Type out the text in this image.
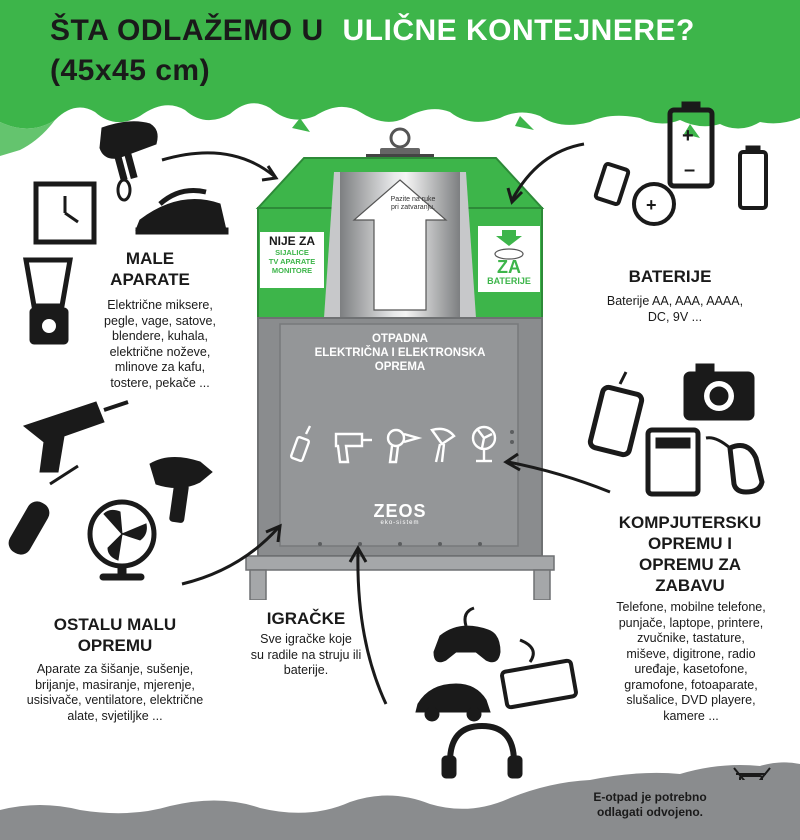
ŠTA ODLAŽEMO U ULIČNE KONTEJNERE?
(45x45 cm)
Pazite na ruke pri zatvaranju.
NIJE ZA
SIJALICE
TV APARATE
MONITORE	ZA
BATERIJE
OTPADNA
ELEKTRIČNA I ELEKTRONSKA
OPREMA
ZEOS
eko-sistem
+
–
+
MALE
APARATE
Električne miksere,
pegle, vage, satove,
blendere, kuhala,
električne noževe,
mlinove za kafu,
tostere, pekače ...
BATERIJE
Baterije AA, AAA, AAAA,
DC, 9V ...
KOMPJUTERSKU
OPREMU I
OPREMU ZA
ZABAVU
Telefone, mobilne telefone,
punjače, laptope, printere,
zvučnike, tastature,
miševe, digitrone, radio
uređaje, kasetofone,
gramofone, fotoaparate,
slušalice, DVD playere,
kamere ...
OSTALU MALU
OPREMU
Aparate za šišanje, sušenje,
brijanje, masiranje, mjerenje,
usisivače, ventilatore, električne
alate, svjetiljke ...
IGRAČKE
Sve igračke koje
su radile na struju ili
baterije.
E-otpad je potrebno
odlagati odvojeno.
